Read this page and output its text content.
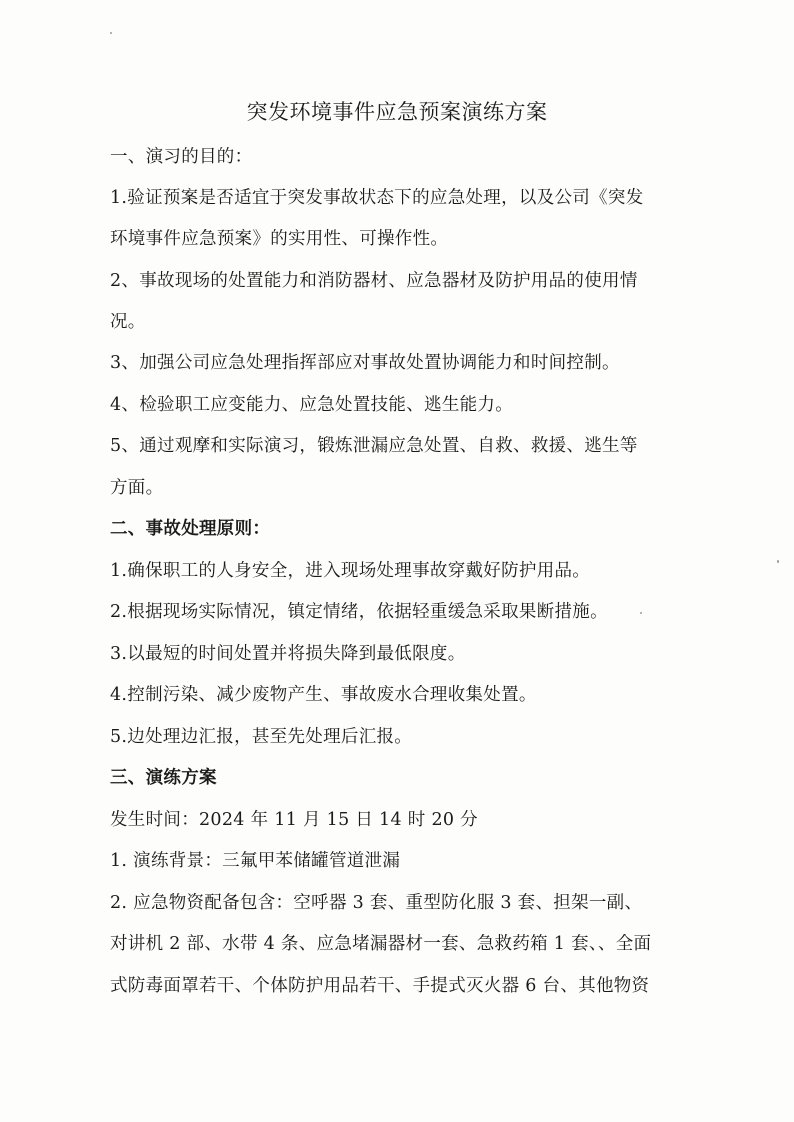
突发环境事件应急预案演练方案
一、演习的目的：
1.验证预案是否适宜于突发事故状态下的应急处理，以及公司《突发
环境事件应急预案》的实用性、可操作性。
2、事故现场的处置能力和消防器材、应急器材及防护用品的使用情
况。
3、加强公司应急处理指挥部应对事故处置协调能力和时间控制。
4、检验职工应变能力、应急处置技能、逃生能力。
5、通过观摩和实际演习，锻炼泄漏应急处置、自救、救援、逃生等
方面。
二、事故处理原则：
1.确保职工的人身安全，进入现场处理事故穿戴好防护用品。
2.根据现场实际情况，镇定情绪，依据轻重缓急采取果断措施。
3.以最短的时间处置并将损失降到最低限度。
4.控制污染、减少废物产生、事故废水合理收集处置。
5.边处理边汇报，甚至先处理后汇报。
三、演练方案
发生时间：2024 年 11 月 15 日 14 时 20 分
1. 演练背景：三氟甲苯储罐管道泄漏
2. 应急物资配备包含：空呼器 3 套、重型防化服 3 套、担架一副、
对讲机 2 部、水带 4 条、应急堵漏器材一套、急救药箱 1 套、、全面
式防毒面罩若干、个体防护用品若干、手提式灭火器 6 台、其他物资
